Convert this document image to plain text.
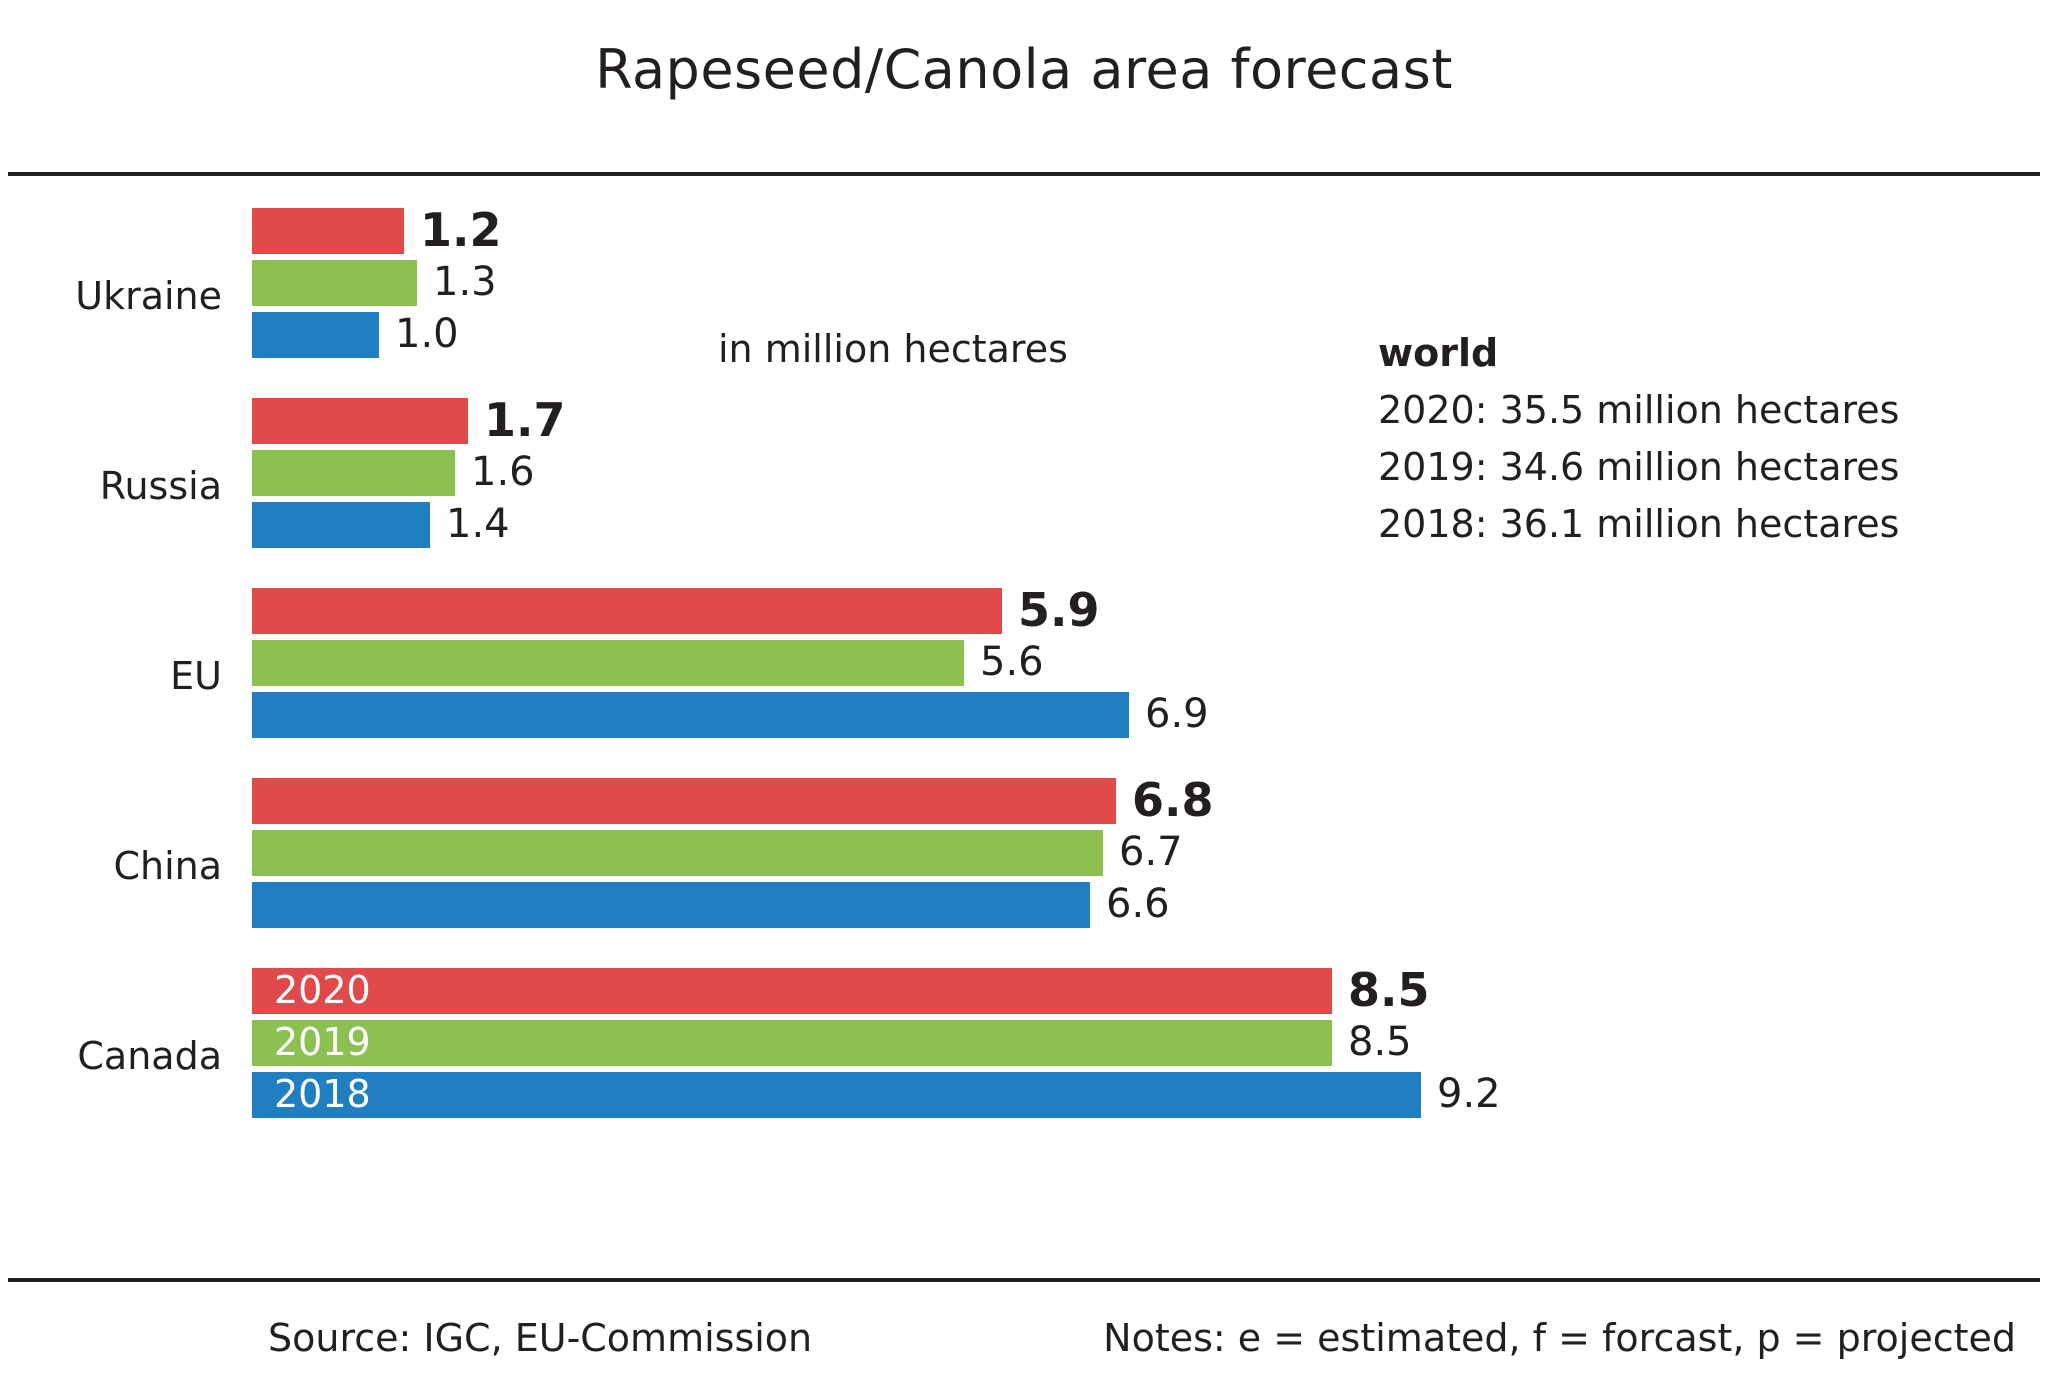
Rapeseed/Canola area forecast
Ukraine
1.2
1.3
1.0
Russia
1.7
1.6
1.4
EU
5.9
5.6
6.9
China
6.8
6.7
6.6
Canada
2020	8.5
2019	8.5
2018	9.2
in million hectares	world
2020: 35.5 million hectares
2019: 34.6 million hectares
2018: 36.1 million hectares
Source: IGC, EU-Commission	Notes: e = estimated, f = forcast, p = projected
